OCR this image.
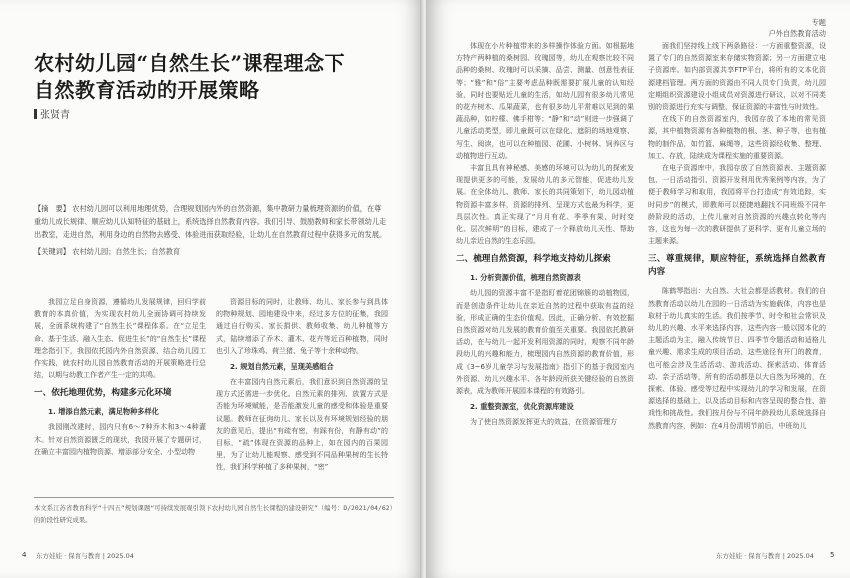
农村幼儿园“自然生长”课程理念下
自然教育活动的开展策略
张贤青

【摘　要】 农村幼儿园可以利用地理优势，合理规划园内外的自然资源，集中教研力量梳理资源的价值，在尊重幼儿成长规律、顺应幼儿认知特征的基础上，系统选择自然教育内容。我们引导、鼓励教师和家长带领幼儿走出教室，走进自然，利用身边的自然物去感受、体验进而获取经验，让幼儿在自然教育过程中获得多元的发展。

【关键词】 农村幼儿园；自然生长；自然教育

我园立足自身资源，遵循幼儿发展规律，回归学前教育的本真价值，为实现农村幼儿全面协调可持续发展，全面系统构建了“自然生长”课程体系。在“立足生命、基于生活、融入生态、促进生长”的“自然生长”课程理念指引下，我园依托园内外自然资源，结合幼儿园工作实践，就农村幼儿园自然教育活动的开展策略进行总结，以期与幼教工作者产生一定的共鸣。

一、依托地理优势，构建多元化环境
1. 增添自然元素，满足物种多样化

我园刚改建时，园内只有6～7种乔木和3～4种灌木。针对自然资源匮乏的现状，我园开展了专题研讨，在确立丰富园内植物资源、增添部分安全、小型动物

资源目标的同时，让教师、幼儿、家长参与到具体的物种规划、园地建设中来，经过多方位的征集，我园通过自行购买、家长捐供、教师收集、幼儿种植等方式，陆续增添了乔木、灌木、花卉等近百种植物，同时也引入了珍珠鸡、荷兰猪、兔子等十余种动物。

2. 规划自然元素，呈现美感组合

在丰富园内自然元素后，我们意识到自然资源的呈现方式还需进一步优化。自然元素的排列、放置方式是否能为环境赋能，是否能激发儿童的感受和体验是重要议题。教师在征询幼儿、家长以及有环境规划经验的朋友的意见后，提出“有疏有密，有踩有份，有静有动”的目标，“疏”体现在资源的品种上，如在园内的百果园里，为了让幼儿能观察、感受到不同品种果树的生长特性，我们科学种植了多种果树，“密”

本文系江苏省教育科学“十四五”规划课题“可持续发展观引领下农村幼儿园自然生长课程的建设研究”（编号：D/2021/04/62）的阶段性研究成果。
4 东方娃娃 · 保育与教育 | 2025.04
专题
户外自然教育活动

体现在小片种植带来的多样操作体验方面。如根据地方特产两种植的桑树园、玫瑰园等，幼儿在观察比较不同品种的桑树、玫瑰时可以采摘、品尝、测量、创意性表征等；“雅”和“俗”主要考虑品种既需要扩展儿童的认知经验，同时也要贴近儿童的生活，如幼儿园有很多幼儿常见的花卉树木、瓜果蔬菜，也有很多幼儿平常难以见到的果蔬品种，如柠檬、佛手柑等；“静”和“动”则进一步强调了儿童活动类型，即儿童既可以在绿化、遮阴的场地观察、写生、阅读，也可以在种植园、花圃、小树林、饲养区与动植物进行互动。

丰富且具有神秘感、美感的环境可以为幼儿的探索发现提供更多的可能，发展幼儿的多元智能，促进幼儿发展。在全体幼儿、教师、家长的共同策划下，幼儿园动植物资源丰富多样，资源的排列、呈现方式也最为科学，更具层次性。真正实现了“月月有花、季季有果、时时变化、层次鲜明”的目标，建成了一个释放幼儿天性、帮助幼儿亲近自然的生态乐园。

二、梳理自然资源，科学地支持幼儿探索
1. 分析资源价值，梳理自然资源表

幼儿园的资源丰富不是指盯着花团锦簇的动植物园，而是创造条件让幼儿在亲近自然的过程中获取有益的经验，形成正确的生态价值观。因此，正确分析、有效挖掘自然资源对幼儿发展的教育价值至关重要。我园依托教研活动，在与幼儿一起开发利用资源的同时，观察不同年龄段幼儿的兴趣和能力，梳理园内自然资源的教育价值，形成《3~6岁儿童学习与发展指南》指引下的基于我园室内外资源、幼儿兴趣水平、各年龄段所获关键经验的自然资源表，成为教师开展园本课程的有效路引。

2. 重整资源室，优化资源库建设

为了使自然资源发挥更大的效益，在资源管理方

面我们坚持线上线下两条路径：一方面重整资源，设置了专门的自然资源室来存储实物资源；另一方面建立电子资源库。如内部资源共享FTP平台，将所有的文本化资源建档管理。两方面的资源由不同人员专门负责，幼儿园定期组织资源建设小组成员对资源进行研议，以对不同类别的资源进行充实与调整，保证资源的丰富性与时效性。

在线下的自然资源室内，我园存放了本地的常见资源，其中植物资源有各种植物的根、茎、种子等，也有植物的制作品，如竹篮、麻绳等，这些资源经收集、整理、加工、存放，陆续成为课程实施的重要资源。

在电子资源库中，我园存放了自然资源表、主题资源包、一日活动指引、资源开发利用优秀案例等内容，为了便于教师学习和取用，我园将平台打造成“有效追踪，实时同步”的模式，即教师可以便捷地翻找不同班级不同年龄阶段的活动，上传儿童对自然资源的兴趣点转化等内容，这也为每一次的教研提供了更科学、更有儿童立场的主题来源。

三、尊重规律，顺应特征，系统选择自然教育内容

陈鹤琴指出：大自然、大社会都是活教材。我们的自然教育活动以幼儿在园的一日活动为实施载体，内容也是取材于幼儿真实的生活。我们按季节、时令和社会常识及幼儿的兴趣、水平来选择内容，这些内容一般以园本化的主题活动为主，融入传统节日、四季节令题活动和适格儿童兴趣、需求生成的项目活动，这些途径有开门的教育，也可能会涉及生活活动、游戏活动、探索活动、体育活动、亲子活动等，所有的活动都是以大自然为环境的，在探索、体验、感受等过程中实现幼儿的学习和发展，在资源选择的基础上，以及活动目标和内容呈现的整合性、游戏性和挑战性。我们按月份与不同年龄段幼儿系统选择自然教育内容，例如：在4月份清明节前后，中班幼儿

东方娃娃 · 保育与教育 | 2025.04 5
